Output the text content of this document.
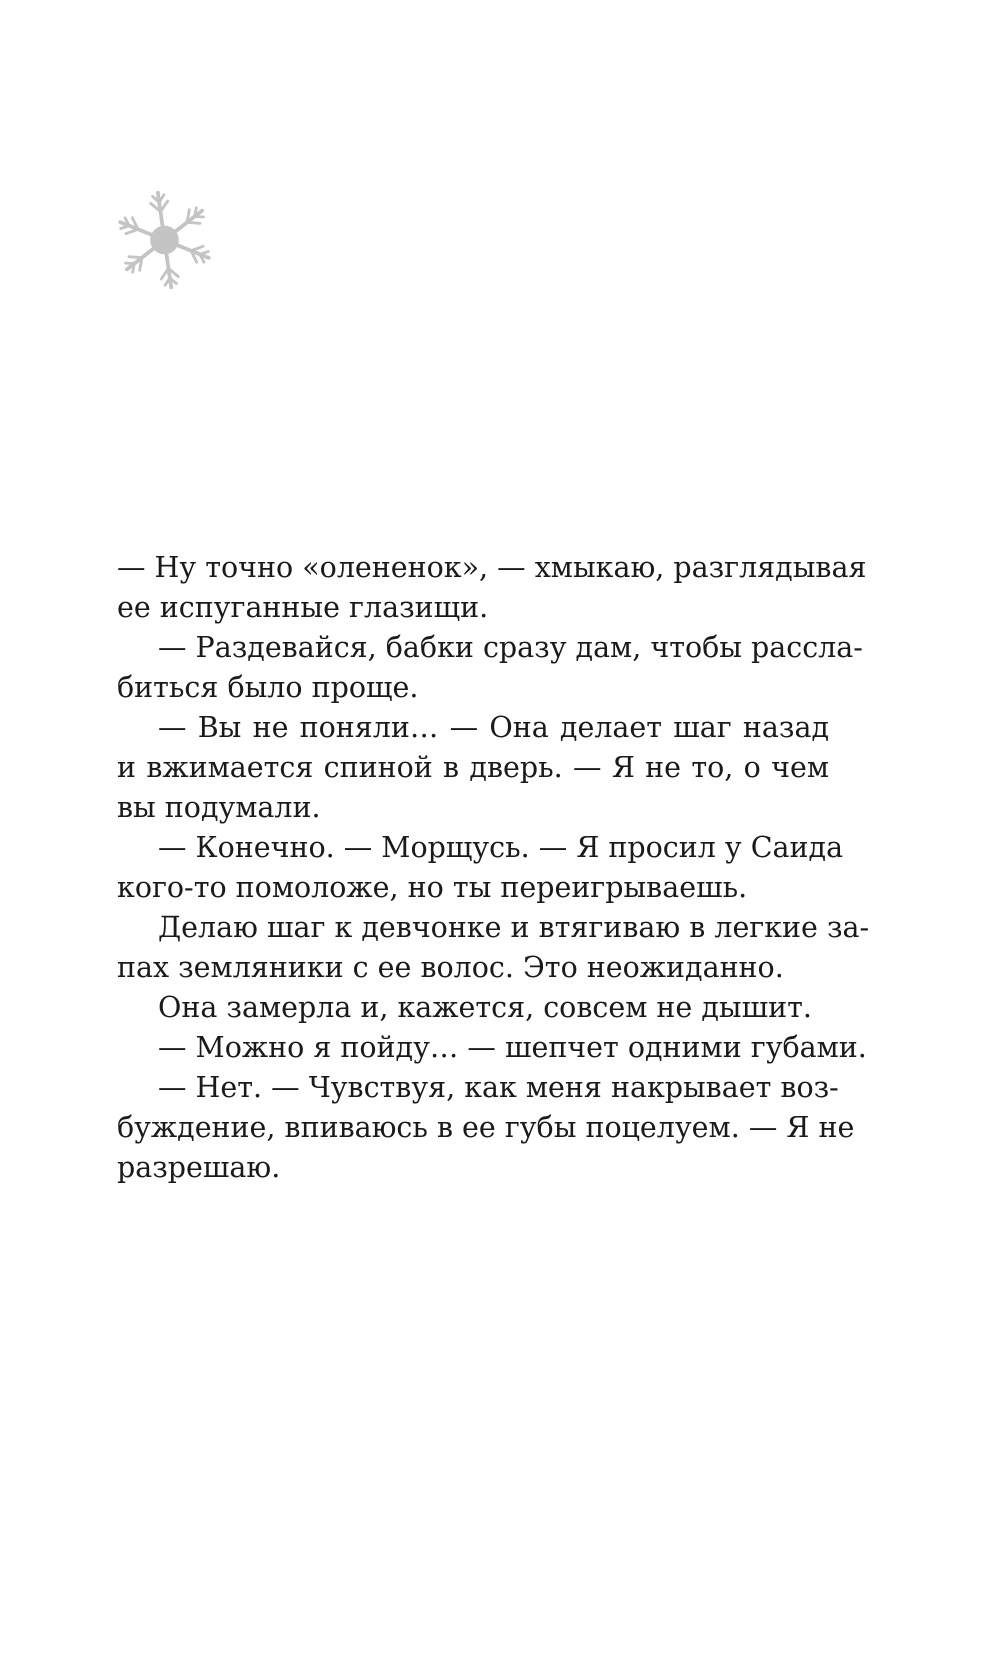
— Ну точно «олененок», — хмыкаю, разглядывая
ее испуганные глазищи.
— Раздевайся, бабки сразу дам, чтобы рассла-
биться было проще.
— Вы не поняли… — Она делает шаг назад
и вжимается спиной в дверь. — Я не то, о чем
вы подумали.
— Конечно. — Морщусь. — Я просил у Саида
кого-то помоложе, но ты переигрываешь.
Делаю шаг к девчонке и втягиваю в легкие за-
пах земляники с ее волос. Это неожиданно.
Она замерла и, кажется, совсем не дышит.
— Можно я пойду… — шепчет одними губами.
— Нет. — Чувствуя, как меня накрывает воз-
буждение, впиваюсь в ее губы поцелуем. — Я не
разрешаю.
